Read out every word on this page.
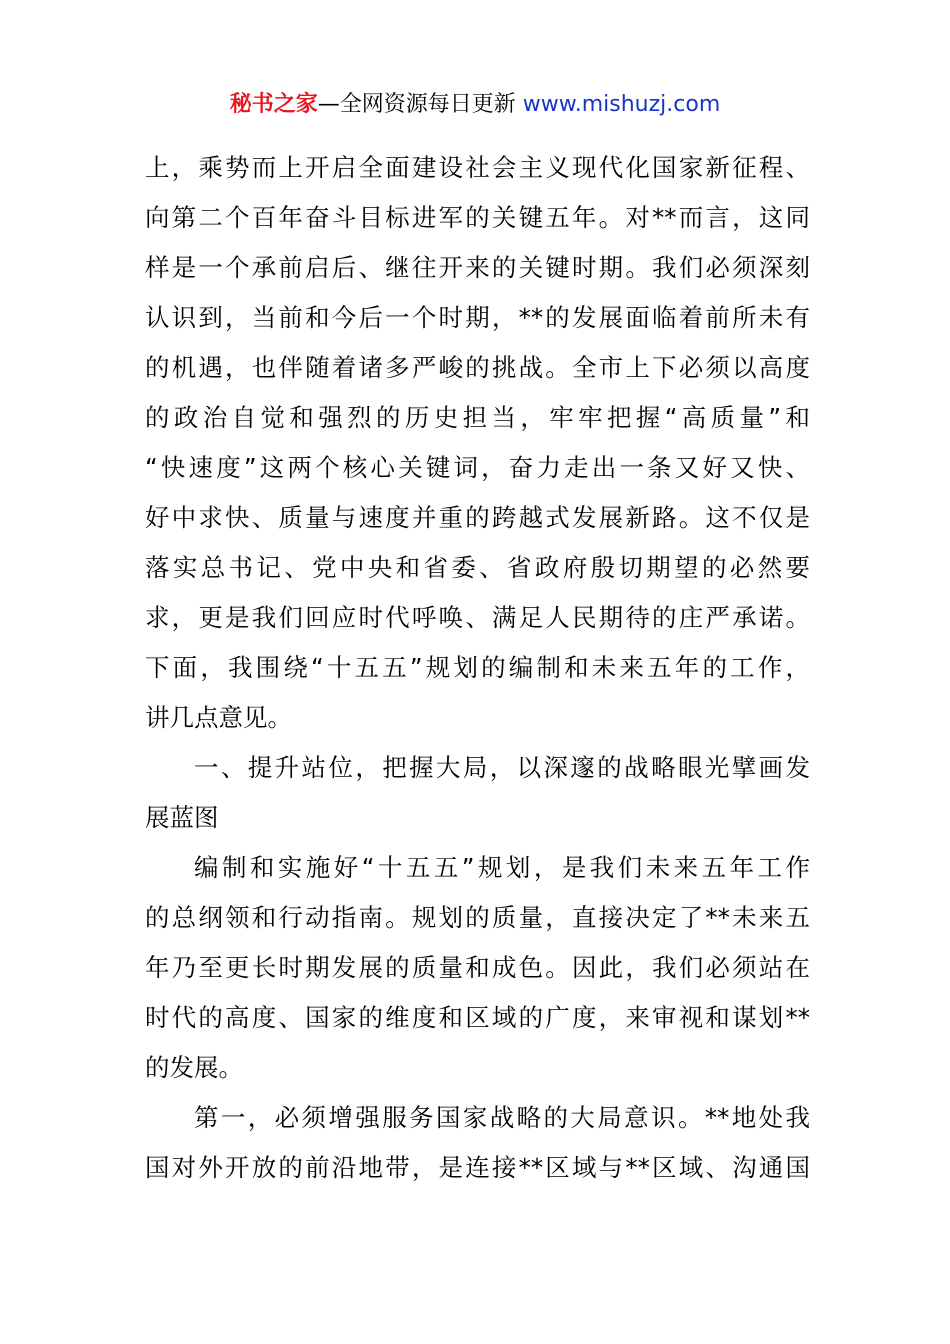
秘书之家—全网资源每日更新 www.mishuzj.com
上，乘势而上开启全面建设社会主义现代化国家新征程、
向第二个百年奋斗目标进军的关键五年。对**而言，这同
样是一个承前启后、继往开来的关键时期。我们必须深刻
认识到，当前和今后一个时期，**的发展面临着前所未有
的机遇，也伴随着诸多严峻的挑战。全市上下必须以高度
的政治自觉和强烈的历史担当，牢牢把握“高质量”和
“快速度”这两个核心关键词，奋力走出一条又好又快、
好中求快、质量与速度并重的跨越式发展新路。这不仅是
落实总书记、党中央和省委、省政府殷切期望的必然要
求，更是我们回应时代呼唤、满足人民期待的庄严承诺。
下面，我围绕“十五五”规划的编制和未来五年的工作，
讲几点意见。
一、提升站位，把握大局，以深邃的战略眼光擘画发
展蓝图
编制和实施好“十五五”规划，是我们未来五年工作
的总纲领和行动指南。规划的质量，直接决定了**未来五
年乃至更长时期发展的质量和成色。因此，我们必须站在
时代的高度、国家的维度和区域的广度，来审视和谋划**
的发展。
第一，必须增强服务国家战略的大局意识。**地处我
国对外开放的前沿地带，是连接**区域与**区域、沟通国
